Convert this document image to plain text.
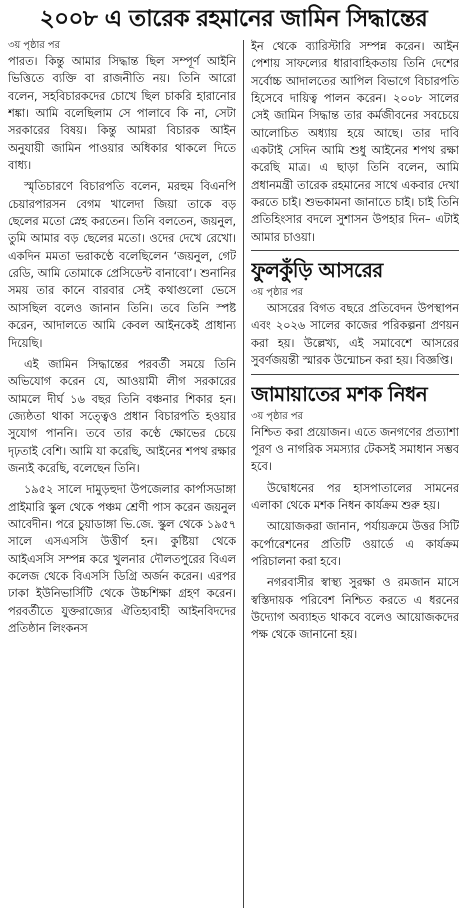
২০০৮ এ তারেক রহমানের জামিন সিদ্ধান্তের
৩য় পৃষ্ঠার পর

পারত। কিন্তু আমার সিদ্ধান্ত ছিল সম্পূর্ণ আইনি ভিত্তিতে ব্যক্তি বা রাজনীতি নয়। তিনি আরো বলেন, সহবিচারকদের চোখে ছিল চাকরি হারানোর শঙ্কা। আমি বলেছিলাম সে পালাবে কি না, সেটা সরকারের বিষয়। কিন্তু আমরা বিচারক আইন অনুযায়ী জামিন পাওয়ার অধিকার থাকলে দিতে বাধ্য।

স্মৃতিচারণে বিচারপতি বলেন, মরহুম বিএনপি চেয়ারপারসন বেগম খালেদা জিয়া তাকে বড় ছেলের মতো স্নেহ করতেন। তিনি বলতেন, জয়নুল, তুমি আমার বড় ছেলের মতো। ওদের দেখে রেখো। একদিন মমতা ভরাকণ্ঠে বলেছিলেন ‘জয়নুল, গেট রেডি, আমি তোমাকে প্রেসিডেন্ট বানাবো’। শুনানির সময় তার কানে বারবার সেই কথাগুলো ভেসে আসছিল বলেও জানান তিনি। তবে তিনি স্পষ্ট করেন, আদালতে আমি কেবল আইনকেই প্রাধান্য দিয়েছি।

এই জামিন সিদ্ধান্তের পরবর্তী সময়ে তিনি অভিযোগ করেন যে, আওয়ামী লীগ সরকারের আমলে দীর্ঘ ১৬ বছর তিনি বঞ্চনার শিকার হন। জ্যেষ্ঠতা থাকা সত্ত্বেও প্রধান বিচারপতি হওয়ার সুযোগ পাননি। তবে তার কণ্ঠে ক্ষোভের চেয়ে দৃঢ়তাই বেশি। আমি যা করেছি, আইনের শপথ রক্ষার জন্যই করেছি, বলেছেন তিনি।

১৯৫২ সালে দামুড়হুদা উপজেলার কার্পাসডাঙ্গা প্রাইমারি স্কুল থেকে পঞ্চম শ্রেণী পাস করেন জয়নুল আবেদীন। পরে চুয়াডাঙ্গা ভি.জে. স্কুল থেকে ১৯৫৭ সালে এসএসসি উত্তীর্ণ হন। কুষ্টিয়া থেকে আইএসসি সম্পন্ন করে খুলনার দৌলতপুরের বিএল কলেজ থেকে বিএসসি ডিগ্রি অর্জন করেন। এরপর ঢাকা ইউনিভার্সিটি থেকে উচ্চশিক্ষা গ্রহণ করেন। পরবর্তীতে যুক্তরাজ্যের ঐতিহ্যবাহী আইনবিদদের প্রতিষ্ঠান লিংকনস

ইন থেকে ব্যারিস্টারি সম্পন্ন করেন। আইন পেশায় সাফল্যের ধারাবাহিকতায় তিনি দেশের সর্বোচ্চ আদালতের আপিল বিভাগে বিচারপতি হিসেবে দায়িত্ব পালন করেন। ২০০৮ সালের সেই জামিন সিদ্ধান্ত তার কর্মজীবনের সবচেয়ে আলোচিত অধ্যায় হয়ে আছে। তার দাবি একটাই সেদিন আমি শুধু আইনের শপথ রক্ষা করেছি মাত্র। এ ছাড়া তিনি বলেন, আমি প্রধানমন্ত্রী তারেক রহমানের সাথে একবার দেখা করতে চাই। শুভকামনা জানাতে চাই। চাই তিনি প্রতিহিংসার বদলে সুশাসন উপহার দিন– এটাই আমার চাওয়া।

ফুলকুঁড়ি আসরের
৩য় পৃষ্ঠার পর

আসরের বিগত বছরে প্রতিবেদন উপস্থাপন এবং ২০২৬ সালের কাজের পরিকল্পনা প্রণয়ন করা হয়। উল্লেখ্য, এই সমাবেশে আসরের সুবর্ণজয়ন্তী স্মারক উন্মোচন করা হয়। বিজ্ঞপ্তি।

জামায়াতের মশক নিধন
৩য় পৃষ্ঠার পর

নিশ্চিত করা প্রয়োজন। এতে জনগণের প্রত্যাশা পূরণ ও নাগরিক সমস্যার টেকসই সমাধান সম্ভব হবে।

উদ্বোধনের পর হাসপাতালের সামনের এলাকা থেকে মশক নিধন কার্যক্রম শুরু হয়।

আয়োজকরা জানান, পর্যায়ক্রমে উত্তর সিটি কর্পোরেশনের প্রতিটি ওয়ার্ডে এ কার্যক্রম পরিচালনা করা হবে।

নগরবাসীর স্বাস্থ্য সুরক্ষা ও রমজান মাসে স্বস্তিদায়ক পরিবেশ নিশ্চিত করতে এ ধরনের উদ্যোগ অব্যাহত থাকবে বলেও আয়োজকদের পক্ষ থেকে জানানো হয়।
